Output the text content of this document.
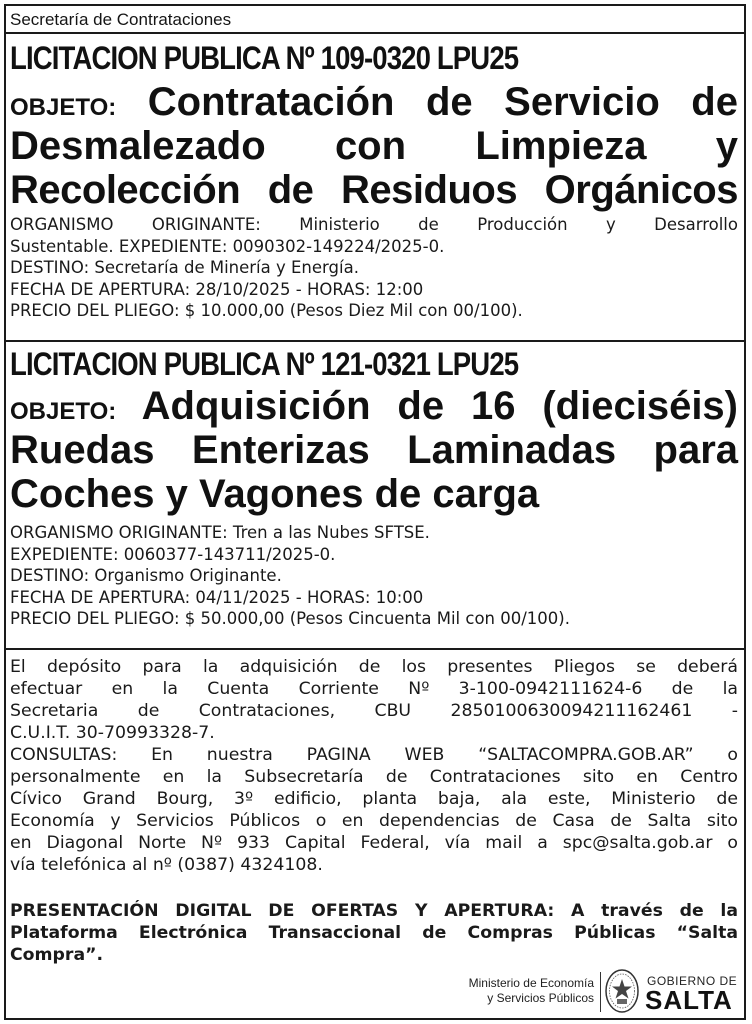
Secretaría de Contrataciones
LICITACION PUBLICA Nº 109-0320 LPU25
OBJETO: Contratación de Servicio de
Desmalezado con Limpieza y
Recolección de Residuos Orgánicos
ORGANISMO ORIGINANTE: Ministerio de Producción y Desarrollo
Sustentable. EXPEDIENTE: 0090302-149224/2025-0.
DESTINO: Secretaría de Minería y Energía.
FECHA DE APERTURA: 28/10/2025 - HORAS: 12:00
PRECIO DEL PLIEGO: $ 10.000,00 (Pesos Diez Mil con 00/100).
LICITACION PUBLICA Nº 121-0321 LPU25
OBJETO: Adquisición de 16 (dieciséis)
Ruedas Enterizas Laminadas para
Coches y Vagones de carga
ORGANISMO ORIGINANTE: Tren a las Nubes SFTSE.
EXPEDIENTE: 0060377-143711/2025-0.
DESTINO: Organismo Originante.
FECHA DE APERTURA: 04/11/2025 - HORAS: 10:00
PRECIO DEL PLIEGO: $ 50.000,00 (Pesos Cincuenta Mil con 00/100).
El depósito para la adquisición de los presentes Pliegos se deberá
efectuar en la Cuenta Corriente Nº 3-100-0942111624-6 de la
Secretaria de Contrataciones, CBU 2850100630094211162461 -
C.U.I.T. 30-70993328-7.
CONSULTAS: En nuestra PAGINA WEB “SALTACOMPRA.GOB.AR” o
personalmente en la Subsecretaría de Contrataciones sito en Centro
Cívico Grand Bourg, 3º edificio, planta baja, ala este, Ministerio de
Economía y Servicios Públicos o en dependencias de Casa de Salta sito
en Diagonal Norte Nº 933 Capital Federal, vía mail a spc@salta.gob.ar o
vía telefónica al nº (0387) 4324108.
PRESENTACIÓN DIGITAL DE OFERTAS Y APERTURA: A través de la
Plataforma Electrónica Transaccional de Compras Públicas “Salta
Compra”.
Ministerio de Economía
y Servicios Públicos
GOBIERNO DE
SALTA
